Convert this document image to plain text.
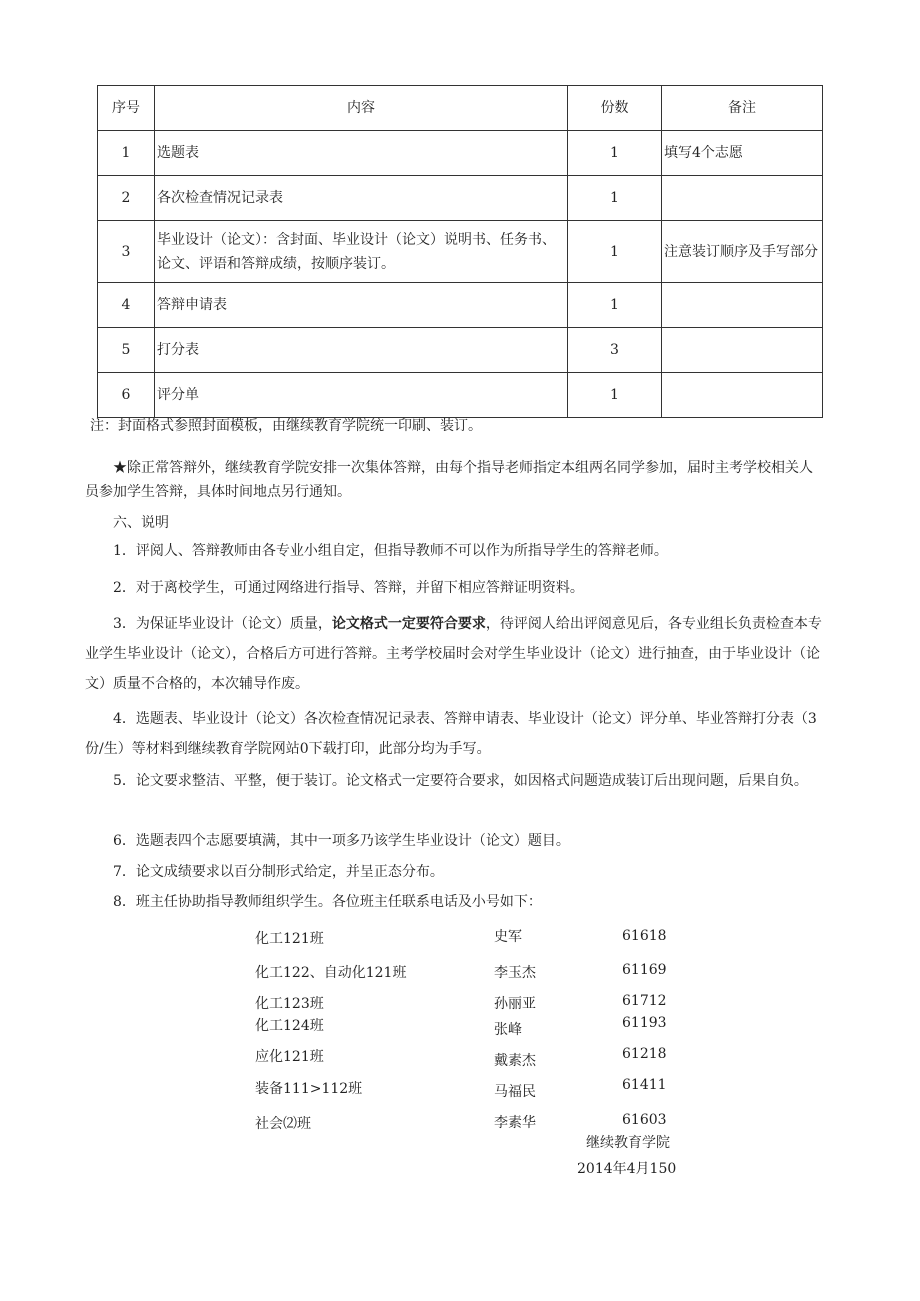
序号	内容	份数	备注
1	选题表	1	填写4个志愿
2	各次检查情况记录表	1	
3	毕业设计（论文）：含封面、毕业设计（论文）说明书、任务书、论文、评语和答辩成绩，按顺序装订。	1	注意装订顺序及手写部分
4	答辩申请表	1	
5	打分表	3	
6	评分单	1	
注：封面格式参照封面模板，由继续教育学院统一印刷、装订。
★除正常答辩外，继续教育学院安排一次集体答辩，由每个指导老师指定本组两名同学参加，届时主考学校相关人员参加学生答辩，具体时间地点另行通知。
六、说明
1．评阅人、答辩教师由各专业小组自定，但指导教师不可以作为所指导学生的答辩老师。
2．对于离校学生，可通过网络进行指导、答辩，并留下相应答辩证明资料。
3．为保证毕业设计（论文）质量，论文格式一定要符合要求，待评阅人给出评阅意见后，各专业组长负责检查本专业学生毕业设计（论文），合格后方可进行答辩。主考学校届时会对学生毕业设计（论文）进行抽查，由于毕业设计（论文）质量不合格的，本次辅导作废。
4．选题表、毕业设计（论文）各次检查情况记录表、答辩申请表、毕业设计（论文）评分单、毕业答辩打分表（3份/生）等材料到继续教育学院网站0下载打印，此部分均为手写。
5．论文要求整洁、平整，便于装订。论文格式一定要符合要求，如因格式问题造成装订后出现问题，后果自负。
6．选题表四个志愿要填满，其中一项多乃该学生毕业设计（论文）题目。
7．论文成绩要求以百分制形式给定，并呈正态分布。
8．班主任协助指导教师组织学生。各位班主任联系电话及小号如下：
化工121班	史军	61618
化工122、自动化121班	李玉杰	61169
化工123班	孙丽亚	61712
化工124班	张峰	61193
应化121班	戴素杰	61218
装备111>112班	马福民	61411
社会⑵班	李素华	61603
继续教育学院
2014年4月150
